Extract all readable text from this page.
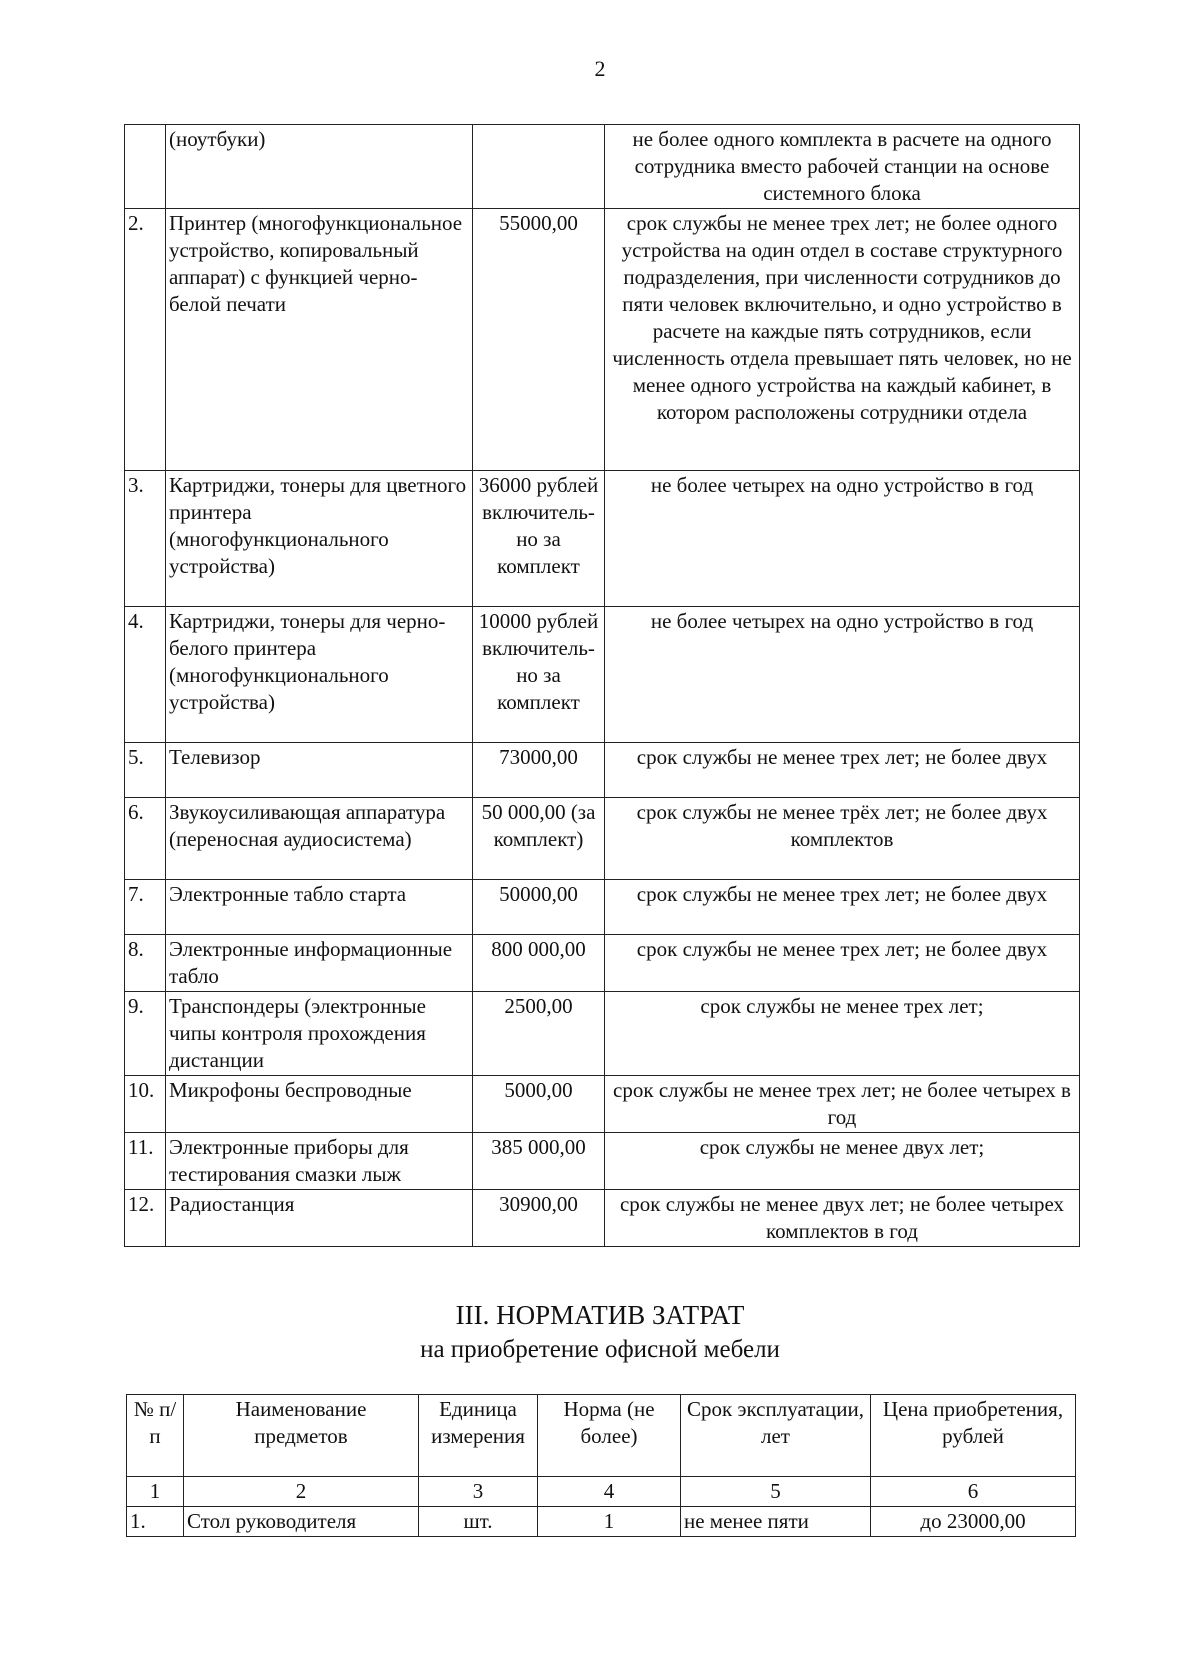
2
	(ноутбуки)		не более одного комплекта в расчете на одного сотрудника вместо рабочей станции на основе системного блока
2.	Принтер (многофункциональное устройство, копировальный аппарат) с функцией черно-белой печати	55000,00	срок службы не менее трех лет; не более одного устройства на один отдел в составе структурного подразделения, при численности сотрудников до пяти человек включительно, и одно устройство в расчете на каждые пять сотрудников, если численность отдела превышает пять человек, но не менее одного устройства на каждый кабинет, в котором расположены сотрудники отдела
3.	Картриджи, тонеры для цветного принтера (многофункционального устройства)	36000 рублей включитель-но за комплект	не более четырех на одно устройство в год
4.	Картриджи, тонеры для черно-белого принтера (многофункционального устройства)	10000 рублей включитель-но за комплект	не более четырех на одно устройство в год
5.	Телевизор	73000,00	срок службы не менее трех лет; не более двух
6.	Звукоусиливающая аппаратура (переносная аудиосистема)	50 000,00 (за комплект)	срок службы не менее трёх лет; не более двух комплектов
7.	Электронные табло старта	50000,00	срок службы не менее трех лет; не более двух
8.	Электронные информационные табло	800 000,00	срок службы не менее трех лет; не более двух
9.	Транспондеры (электронные чипы контроля прохождения дистанции	2500,00	срок службы не менее трех лет;
10.	Микрофоны беспроводные	5000,00	срок службы не менее трех лет; не более четырех в год
11.	Электронные приборы для тестирования смазки лыж	385 000,00	срок службы не менее двух лет;
12.	Радиостанция	30900,00	срок службы не менее двух лет; не более четырех комплектов в год
III. НОРМАТИВ ЗАТРАТ
на приобретение офисной мебели
№ п/п	Наименование предметов	Единица измерения	Норма (не более)	Срок эксплуатации, лет	Цена приобретения, рублей
1	2	3	4	5	6
1.	Стол руководителя	шт.	1	не менее пяти	до 23000,00
